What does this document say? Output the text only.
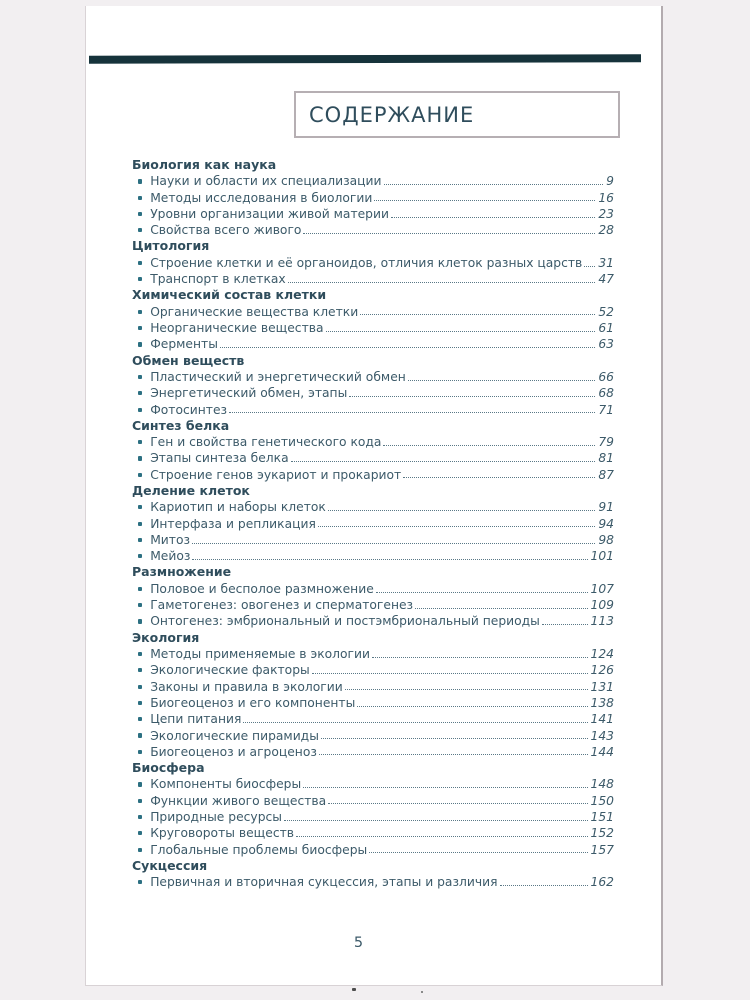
СОДЕРЖАНИЕ
Биология как наука
Науки и области их специализации	9
Методы исследования в биологии	16
Уровни организации живой материи	23
Свойства всего живого	28
Цитология
Строение клетки и её органоидов, отличия клеток разных царств 31
Транспорт в клетках	47
Химический состав клетки
Органические вещества клетки	52
Неорганические вещества	61
Ферменты	63
Обмен веществ
Пластический и энергетический обмен	66
Энергетический обмен, этапы	68
Фотосинтез	71
Синтез белка
Ген и свойства генетического кода	79
Этапы синтеза белка	81
Строение генов эукариот и прокариот	87
Деление клеток
Кариотип и наборы клеток	91
Интерфаза и репликация	94
Митоз	98
Мейоз	101
Размножение
Половое и бесполое размножение	107
Гаметогенез: овогенез и сперматогенез	109
Онтогенез: эмбриональный и постэмбриональный периоды	113
Экология
Методы применяемые в экологии	124
Экологические факторы	126
Законы и правила в экологии	131
Биогеоценоз и его компоненты	138
Цепи питания	141
Экологические пирамиды	143
Биогеоценоз и агроценоз	144
Биосфера
Компоненты биосферы	148
Функции живого вещества	150
Природные ресурсы	151
Круговороты веществ	152
Глобальные проблемы биосферы	157
Сукцессия
Первичная и вторичная сукцессия, этапы и различия	162
5
